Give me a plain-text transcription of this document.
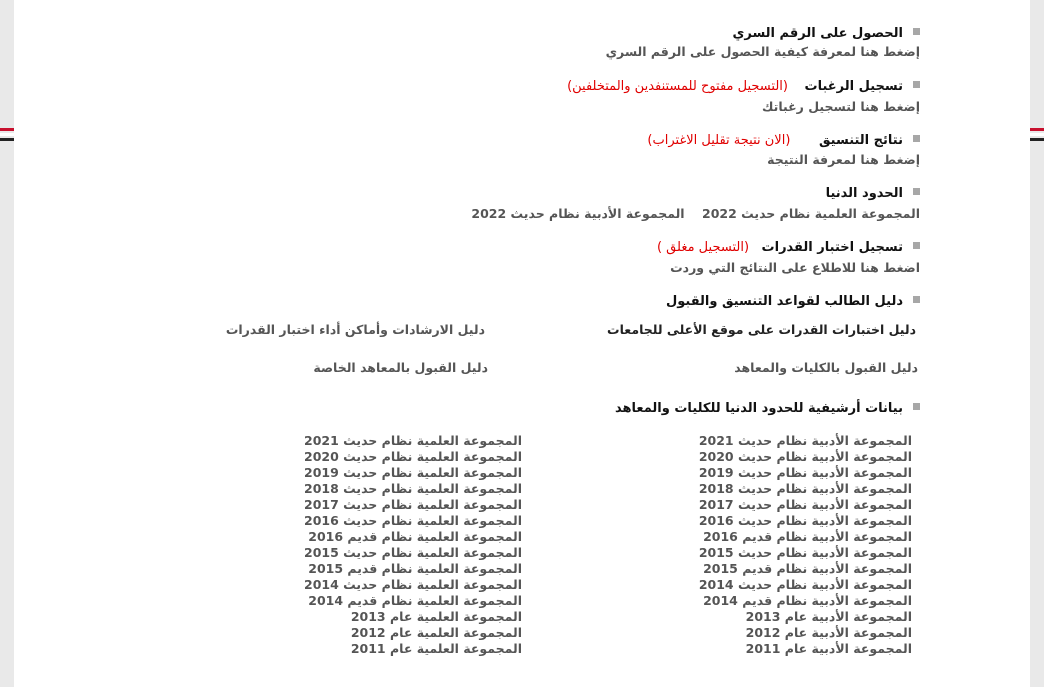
الحصول على الرقم السري
إضغط هنا لمعرفة كيفية الحصول على الرقم السري
تسجيل الرغبات (التسجيل مفتوح للمستنفدين والمتخلفين)
إضغط هنا لتسجيل رغباتك
نتائج التنسيق (الان نتيجة تقليل الاغتراب)
إضغط هنا لمعرفة النتيجة
الحدود الدنيا
المجموعة العلمية نظام حديث 2022    المجموعة الأدبية نظام حديث 2022
تسجيل اختبار القدرات (التسجيل مغلق )
اضغط هنا للاطلاع على النتائج التي وردت
دليل الطالب لقواعد التنسيق والقبول
دليل اختبارات القدرات على موقع الأعلى للجامعات
دليل الارشادات وأماكن أداء اختبار القدرات
دليل القبول بالكليات والمعاهد
دليل القبول بالمعاهد الخاصة
بيانات أرشيفية للحدود الدنيا للكليات والمعاهد
المجموعة الأدبية نظام حديث 2021
المجموعة الأدبية نظام حديث 2020
المجموعة الأدبية نظام حديث 2019
المجموعة الأدبية نظام حديث 2018
المجموعة الأدبية نظام حديث 2017
المجموعة الأدبية نظام حديث 2016
المجموعة الأدبية نظام قديم 2016
المجموعة الأدبية نظام حديث 2015
المجموعة الأدبية نظام قديم 2015
المجموعة الأدبية نظام حديث 2014
المجموعة الأدبية نظام قديم 2014
المجموعة الأدبية عام 2013
المجموعة الأدبية عام 2012
المجموعة الأدبية عام 2011
المجموعة العلمية نظام حديث 2021
المجموعة العلمية نظام حديث 2020
المجموعة العلمية نظام حديث 2019
المجموعة العلمية نظام حديث 2018
المجموعة العلمية نظام حديث 2017
المجموعة العلمية نظام حديث 2016
المجموعة العلمية نظام قديم 2016
المجموعة العلمية نظام حديث 2015
المجموعة العلمية نظام قديم 2015
المجموعة العلمية نظام حديث 2014
المجموعة العلمية نظام قديم 2014
المجموعة العلمية عام 2013
المجموعة العلمية عام 2012
المجموعة العلمية عام 2011
